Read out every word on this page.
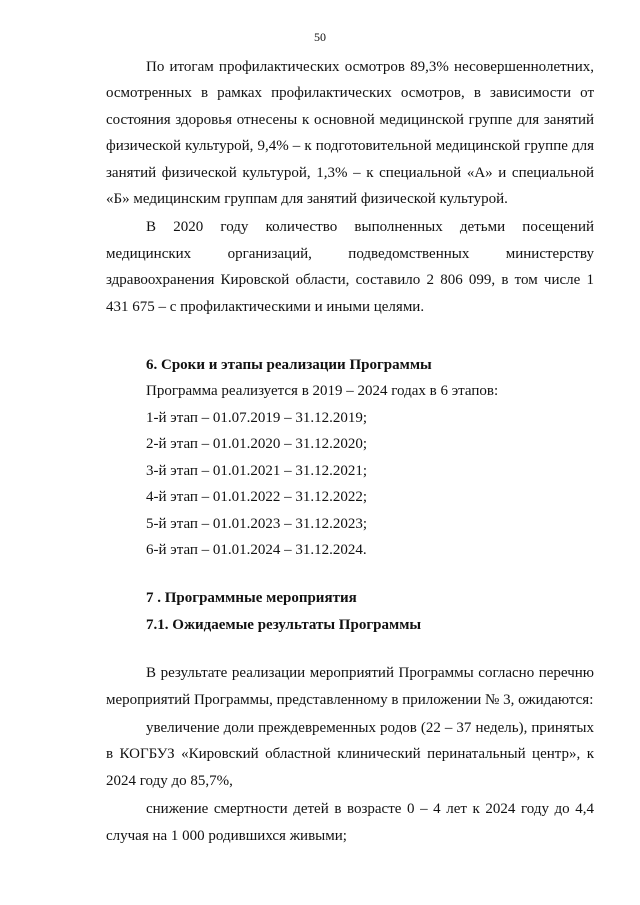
50

По итогам профилактических осмотров 89,3% несовершеннолетних, осмотренных в рамках профилактических осмотров, в зависимости от состояния здоровья отнесены к основной медицинской группе для занятий физической культурой, 9,4% – к подготовительной медицинской группе для занятий физической культурой, 1,3% – к специальной «А» и специальной «Б» медицинским группам для занятий физической культурой.

В 2020 году количество выполненных детьми посещений медицинских организаций, подведомственных министерству здравоохранения Кировской области, составило 2 806 099, в том числе 1 431 675 – с профилактическими и иными целями.

6. Сроки и этапы реализации Программы

Программа реализуется в 2019 – 2024 годах в 6 этапов:

1-й этап – 01.07.2019 – 31.12.2019;

2-й этап – 01.01.2020 – 31.12.2020;

3-й этап – 01.01.2021 – 31.12.2021;

4-й этап – 01.01.2022 – 31.12.2022;

5-й этап – 01.01.2023 – 31.12.2023;

6-й этап – 01.01.2024 – 31.12.2024.

7 . Программные мероприятия

7.1. Ожидаемые результаты Программы

В результате реализации мероприятий Программы согласно перечню мероприятий Программы, представленному в приложении № 3, ожидаются:

увеличение доли преждевременных родов (22 – 37 недель), принятых в КОГБУЗ «Кировский областной клинический перинатальный центр», к 2024 году до 85,7%,

снижение смертности детей в возрасте 0 – 4 лет к 2024 году до 4,4 случая на 1 000 родившихся живыми;
